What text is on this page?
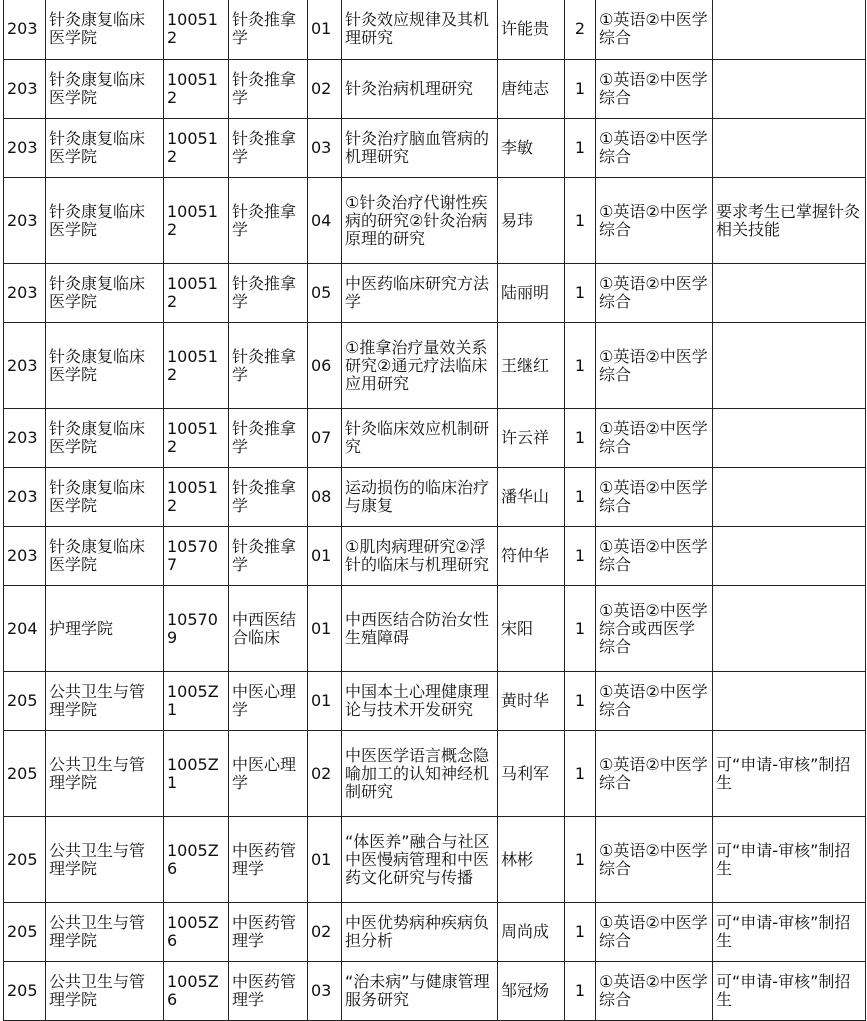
203	针灸康复临床医学院	100512	针灸推拿学	01	针灸效应规律及其机理研究	许能贵	2	①英语②中医学综合	
203	针灸康复临床医学院	100512	针灸推拿学	02	针灸治病机理研究	唐纯志	1	①英语②中医学综合	
203	针灸康复临床医学院	100512	针灸推拿学	03	针灸治疗脑血管病的机理研究	李敏	1	①英语②中医学综合	
203	针灸康复临床医学院	100512	针灸推拿学	04	①针灸治疗代谢性疾病的研究②针灸治病原理的研究	易玮	1	①英语②中医学综合	要求考生已掌握针灸相关技能
203	针灸康复临床医学院	100512	针灸推拿学	05	中医药临床研究方法学	陆丽明	1	①英语②中医学综合	
203	针灸康复临床医学院	100512	针灸推拿学	06	①推拿治疗量效关系研究②通元疗法临床应用研究	王继红	1	①英语②中医学综合	
203	针灸康复临床医学院	100512	针灸推拿学	07	针灸临床效应机制研究	许云祥	1	①英语②中医学综合	
203	针灸康复临床医学院	100512	针灸推拿学	08	运动损伤的临床治疗与康复	潘华山	1	①英语②中医学综合	
203	针灸康复临床医学院	105707	针灸推拿学	01	①肌肉病理研究②浮针的临床与机理研究	符仲华	1	①英语②中医学综合	
204	护理学院	105709	中西医结合临床	01	中西医结合防治女性生殖障碍	宋阳	1	①英语②中医学综合或西医学综合	
205	公共卫生与管理学院	1005Z1	中医心理学	01	中国本土心理健康理论与技术开发研究	黄时华	1	①英语②中医学综合	
205	公共卫生与管理学院	1005Z1	中医心理学	02	中医医学语言概念隐喻加工的认知神经机制研究	马利军	1	①英语②中医学综合	可“申请-审核”制招生
205	公共卫生与管理学院	1005Z6	中医药管理学	01	“体医养”融合与社区中医慢病管理和中医药文化研究与传播	林彬	1	①英语②中医学综合	可“申请-审核”制招生
205	公共卫生与管理学院	1005Z6	中医药管理学	02	中医优势病种疾病负担分析	周尚成	1	①英语②中医学综合	可“申请-审核”制招生
205	公共卫生与管理学院	1005Z6	中医药管理学	03	“治未病”与健康管理服务研究	邹冠炀	1	①英语②中医学综合	可“申请-审核”制招生
